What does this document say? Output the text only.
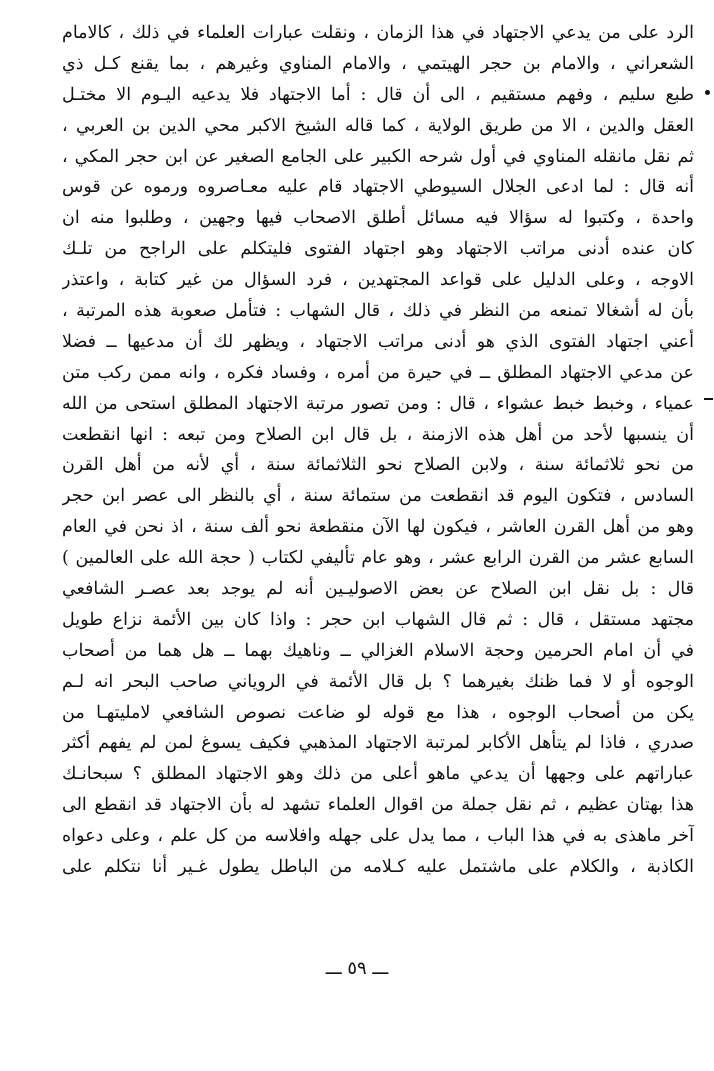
الرد على من يدعي الاجتهاد في هذا الزمان ، ونقلت عبارات العلماء في ذلك ، كالامام
الشعراني ، والامام بن حجر الهيتمي ، والامام المناوي وغيرهم ، بما يقنع كـل ذي
طبع سليم ، وفهم مستقيم ، الى أن قال : أما الاجتهاد فلا يدعيه اليـوم الا مختـل
العقل والدين ، الا من طريق الولاية ، كما قاله الشيخ الاكبر محي الدين بن العربي ،
ثم نقل مانقله المناوي في أول شرحه الكبير على الجامع الصغير عن ابن حجر المكي ،
أنه قال : لما ادعى الجلال السيوطي الاجتهاد قام عليه معـاصروه ورموه عن قوس
واحدة ، وكتبوا له سؤالا فيه مسائل أطلق الاصحاب فيها وجهين ، وطلبوا منه ان
كان عنده أدنى مراتب الاجتهاد وهو اجتهاد الفتوى فليتكلم على الراجح من تلـك
الاوجه ، وعلى الدليل على قواعد المجتهدين ، فرد السؤال من غير كتابة ، واعتذر
بأن له أشغالا تمنعه من النظر في ذلك ، قال الشهاب : فتأمل صعوبة هذه المرتبة ،
أعني اجتهاد الفتوى الذي هو أدنى مراتب الاجتهاد ، ويظهر لك أن مدعيها ــ فضلا
عن مدعي الاجتهاد المطلق ــ في حيرة من أمره ، وفساد فكره ، وانه ممن ركب متن
عمياء ، وخبط خبط عشواء ، قال : ومن تصور مرتبة الاجتهاد المطلق استحى من الله
أن ينسبها لأحد من أهل هذه الازمنة ، بل قال ابن الصلاح ومن تبعه : انها انقطعت
من نحو ثلاثمائة سنة ، ولابن الصلاح نحو الثلاثمائة سنة ، أي لأنه من أهل القرن
السادس ، فتكون اليوم قد انقطعت من ستمائة سنة ، أي بالنظر الى عصر ابن حجر
وهو من أهل القرن العاشر ، فيكون لها الآن منقطعة نحو ألف سنة ، اذ نحن في العام
السابع عشر من القرن الرابع عشر ، وهو عام تأليفي لكتاب ( حجة الله على العالمين )
قال : بل نقل ابن الصلاح عن بعض الاصوليـين أنه لم يوجد بعد عصـر الشافعي
مجتهد مستقل ، قال : ثم قال الشهاب ابن حجر : واذا كان بين الأئمة نزاع طويل
في أن امام الحرمين وحجة الاسلام الغزالي ــ وناهيك بهما ــ هل هما من أصحاب
الوجوه أو لا فما ظنك بغيرهما ؟ بل قال الأئمة في الروياني صاحب البحر انه لـم
يكن من أصحاب الوجوه ، هذا مع قوله لو ضاعت نصوص الشافعي لامليتهـا من
صدري ، فاذا لم يتأهل الأكابر لمرتبة الاجتهاد المذهبي فكيف يسوغ لمن لم يفهم أكثر
عباراتهم على وجهها أن يدعي ماهو أعلى من ذلك وهو الاجتهاد المطلق ؟ سبحانـك
هذا بهتان عظيم ، ثم نقل جملة من اقوال العلماء تشهد له بأن الاجتهاد قد انقطع الى
آخر ماهذى به في هذا الباب ، مما يدل على جهله وافلاسه من كل علم ، وعلى دعواه
الكاذبة ، والكلام على ماشتمل عليه كـلامه من الباطل يطول غـير أنا نتكلم على
ـــ ٥٩ ـــ
